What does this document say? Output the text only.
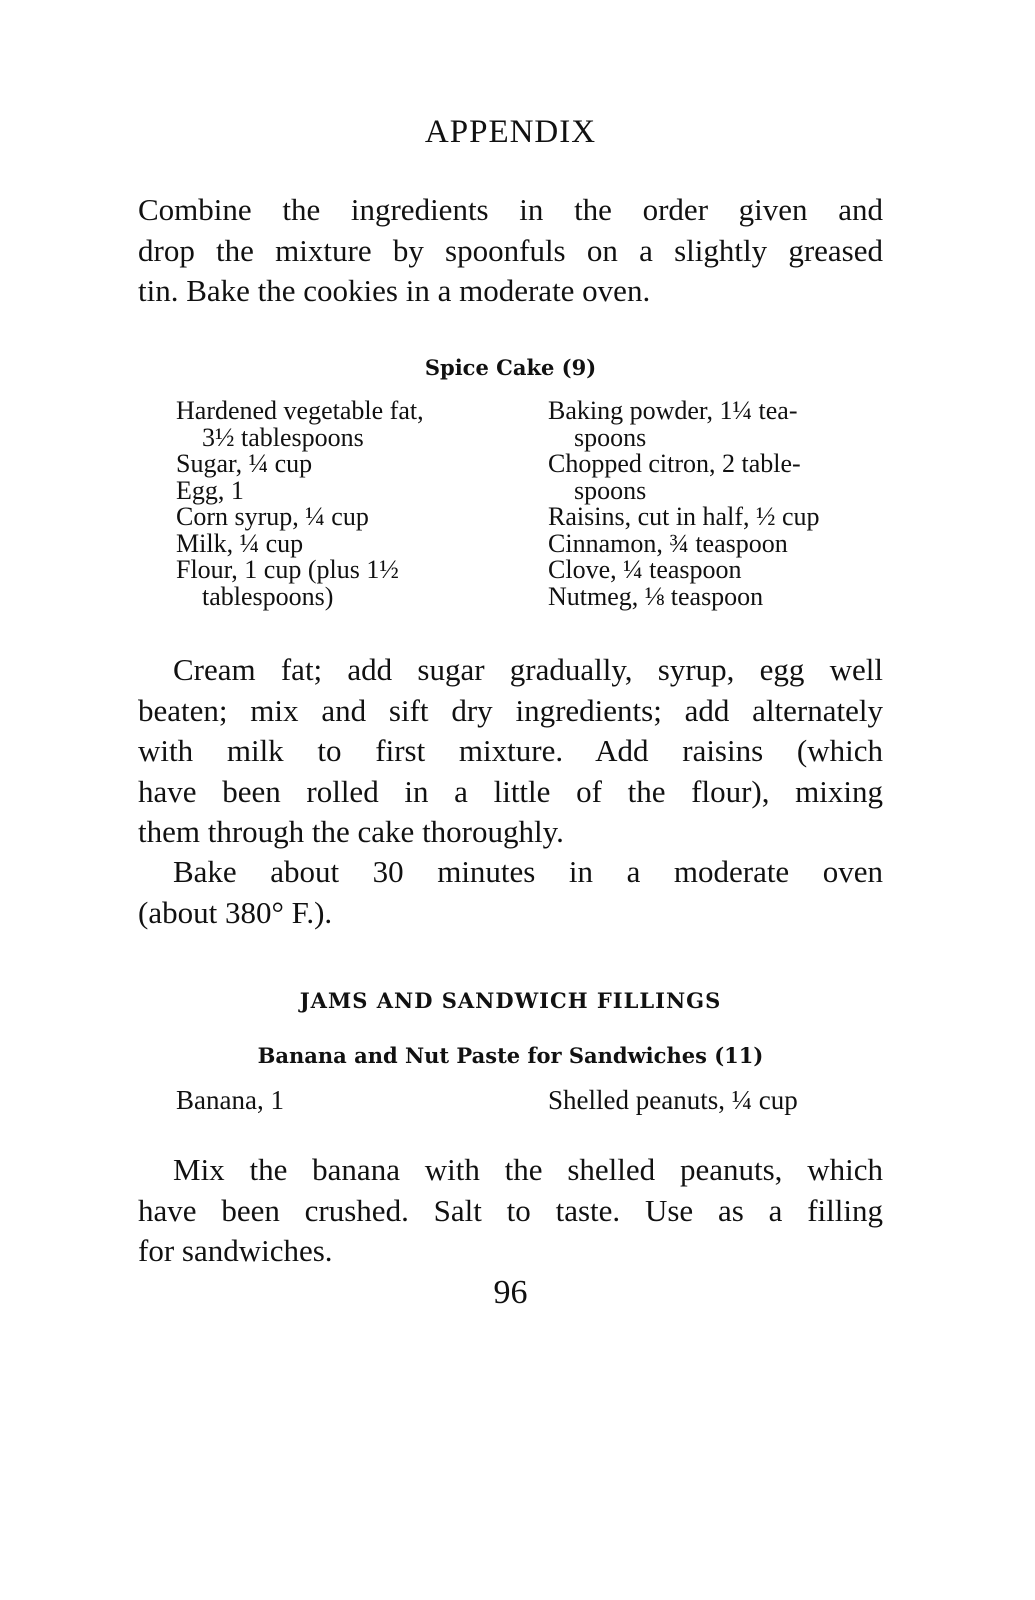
APPENDIX
Combine the ingredients in the order given and
drop the mixture by spoonfuls on a slightly greased
tin. Bake the cookies in a moderate oven.
Spice Cake (9)
Hardened vegetable fat,
3½ tablespoons
Sugar, ¼ cup
Egg, 1
Corn syrup, ¼ cup
Milk, ¼ cup
Flour, 1 cup (plus 1½
tablespoons)
Baking powder, 1¼ tea-
spoons
Chopped citron, 2 table-
spoons
Raisins, cut in half, ½ cup
Cinnamon, ¾ teaspoon
Clove, ¼ teaspoon
Nutmeg, ⅛ teaspoon
Cream fat; add sugar gradually, syrup, egg well
beaten; mix and sift dry ingredients; add alternately
with milk to first mixture. Add raisins (which
have been rolled in a little of the flour), mixing
them through the cake thoroughly.
Bake about 30 minutes in a moderate oven
(about 380° F.).
JAMS AND SANDWICH FILLINGS
Banana and Nut Paste for Sandwiches (11)
Banana, 1	Shelled peanuts, ¼ cup
Mix the banana with the shelled peanuts, which
have been crushed. Salt to taste. Use as a filling
for sandwiches.
96
